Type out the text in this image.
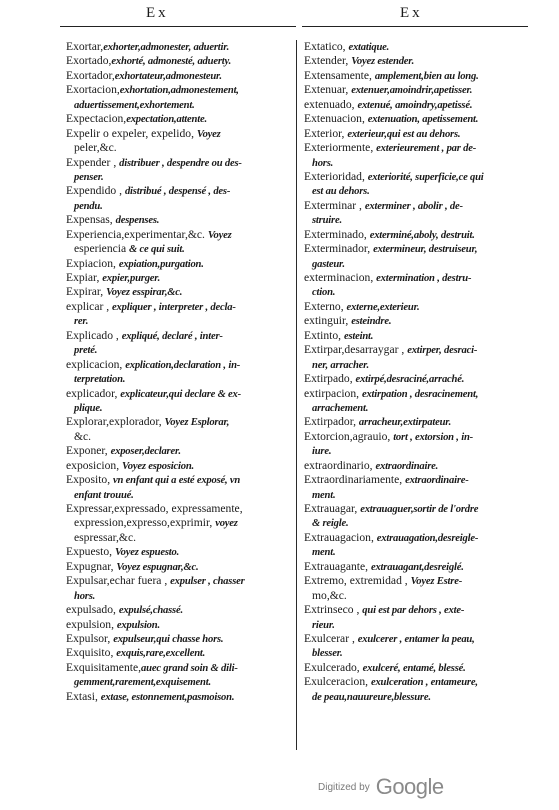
Ex	Ex
Exortar,exhorter,admonester, aduertir.
Exortado,exhorté, admonesté, aduerty.
Exortador,exhortateur,admonesteur.
Exortacion,exhortation,admonestement,
aduertissement,exhortement.
Expectacion,expectation,attente.
Expelir o expeler, expelido, Voyez
peler,&c.
Expender , distribuer , despendre ou des-
penser.
Expendido , distribué , despensé , des-
pendu.
Expensas, despenses.
Experiencia,experimentar,&c. Voyez
esperiencia & ce qui suit.
Expiacion, expiation,purgation.
Expiar, expier,purger.
Expirar, Voyez esspirar,&c.
explicar , expliquer , interpreter , decla-
rer.
Explicado , expliqué, declaré , inter-
preté.
explicacion, explication,declaration , in-
terpretation.
explicador, explicateur,qui declare & ex-
plique.
Explorar,explorador, Voyez Esplorar,
&c.
Exponer, exposer,declarer.
exposicion, Voyez esposicion.
Exposito, vn enfant qui a esté exposé, vn
enfant trouué.
Expressar,expressado, expressamente,
expression,expresso,exprimir, voyez
espressar,&c.
Expuesto, Voyez espuesto.
Expugnar, Voyez espugnar,&c.
Expulsar,echar fuera , expulser , chasser
hors.
expulsado, expulsé,chassé.
expulsion, expulsion.
Expulsor, expulseur,qui chasse hors.
Exquisito, exquis,rare,excellent.
Exquisitamente,auec grand soin & dili-
gemment,rarement,exquisement.
Extasi, extase, estonnement,pasmoison.
Extatico, extatique.
Extender, Voyez estender.
Extensamente, amplement,bien au long.
Extenuar, extenuer,amoindrir,apetisser.
extenuado, extenué, amoindry,apetissé.
Extenuacion, extenuation, apetissement.
Exterior, exterieur,qui est au dehors.
Exteriormente, exterieurement , par de-
hors.
Exterioridad, exteriorité, superficie,ce qui
est au dehors.
Exterminar , exterminer , abolir , de-
struire.
Exterminado, exterminé,aboly, destruit.
Exterminador, extermineur, destruiseur,
gasteur.
exterminacion, extermination , destru-
ction.
Externo, externe,exterieur.
extinguir, esteindre.
Extinto, esteint.
Extirpar,desarraygar , extirper, desraci-
ner, arracher.
Extirpado, extirpé,desraciné,arraché.
extirpacion, extirpation , desracinement,
arrachement.
Extirpador, arracheur,extirpateur.
Extorcion,agrauio, tort , extorsion , in-
iure.
extraordinario, extraordinaire.
Extraordinariamente, extraordinaire-
ment.
Extrauagar, extrauaguer,sortir de l'ordre
& reigle.
Extrauagacion, extrauagation,desreigle-
ment.
Extrauagante, extrauagant,desreiglé.
Extremo, extremidad , Voyez Estre-
mo,&c.
Extrinseco , qui est par dehors , exte-
rieur.
Exulcerar , exulcerer , entamer la peau,
blesser.
Exulcerado, exulceré, entamé, blessé.
Exulceracion, exulceration , entameure,
de peau,nauureure,blessure.
Digitized by Google
